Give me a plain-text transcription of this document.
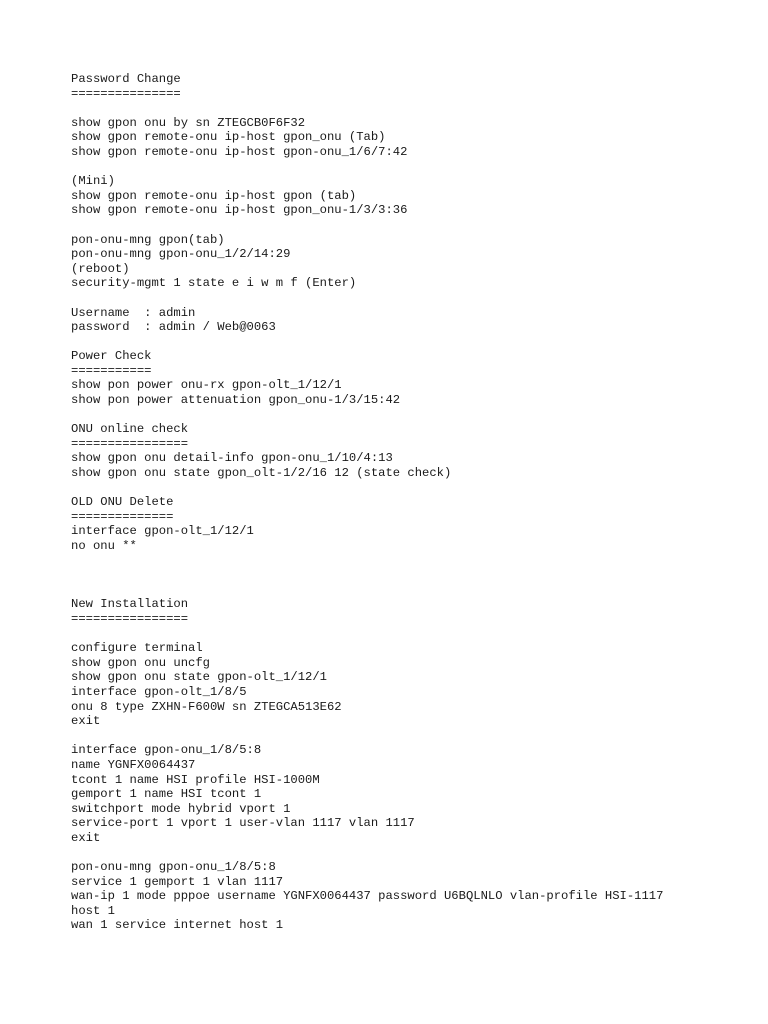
Password Change
===============
show gpon onu by sn ZTEGCB0F6F32
show gpon remote-onu ip-host gpon_onu (Tab)
show gpon remote-onu ip-host gpon-onu_1/6/7:42
(Mini)
show gpon remote-onu ip-host gpon (tab)
show gpon remote-onu ip-host gpon_onu-1/3/3:36
pon-onu-mng gpon(tab)
pon-onu-mng gpon-onu_1/2/14:29
(reboot)
security-mgmt 1 state e i w m f (Enter)
Username  : admin
password  : admin / Web@0063
Power Check
===========
show pon power onu-rx gpon-olt_1/12/1
show pon power attenuation gpon_onu-1/3/15:42
ONU online check
================
show gpon onu detail-info gpon-onu_1/10/4:13
show gpon onu state gpon_olt-1/2/16 12 (state check)
OLD ONU Delete
==============
interface gpon-olt_1/12/1
no onu **
New Installation
================
configure terminal
show gpon onu uncfg
show gpon onu state gpon-olt_1/12/1
interface gpon-olt_1/8/5
onu 8 type ZXHN-F600W sn ZTEGCA513E62
exit
interface gpon-onu_1/8/5:8
name YGNFX0064437
tcont 1 name HSI profile HSI-1000M
gemport 1 name HSI tcont 1
switchport mode hybrid vport 1
service-port 1 vport 1 user-vlan 1117 vlan 1117
exit
pon-onu-mng gpon-onu_1/8/5:8
service 1 gemport 1 vlan 1117
wan-ip 1 mode pppoe username YGNFX0064437 password U6BQLNLO vlan-profile HSI-1117
host 1
wan 1 service internet host 1
